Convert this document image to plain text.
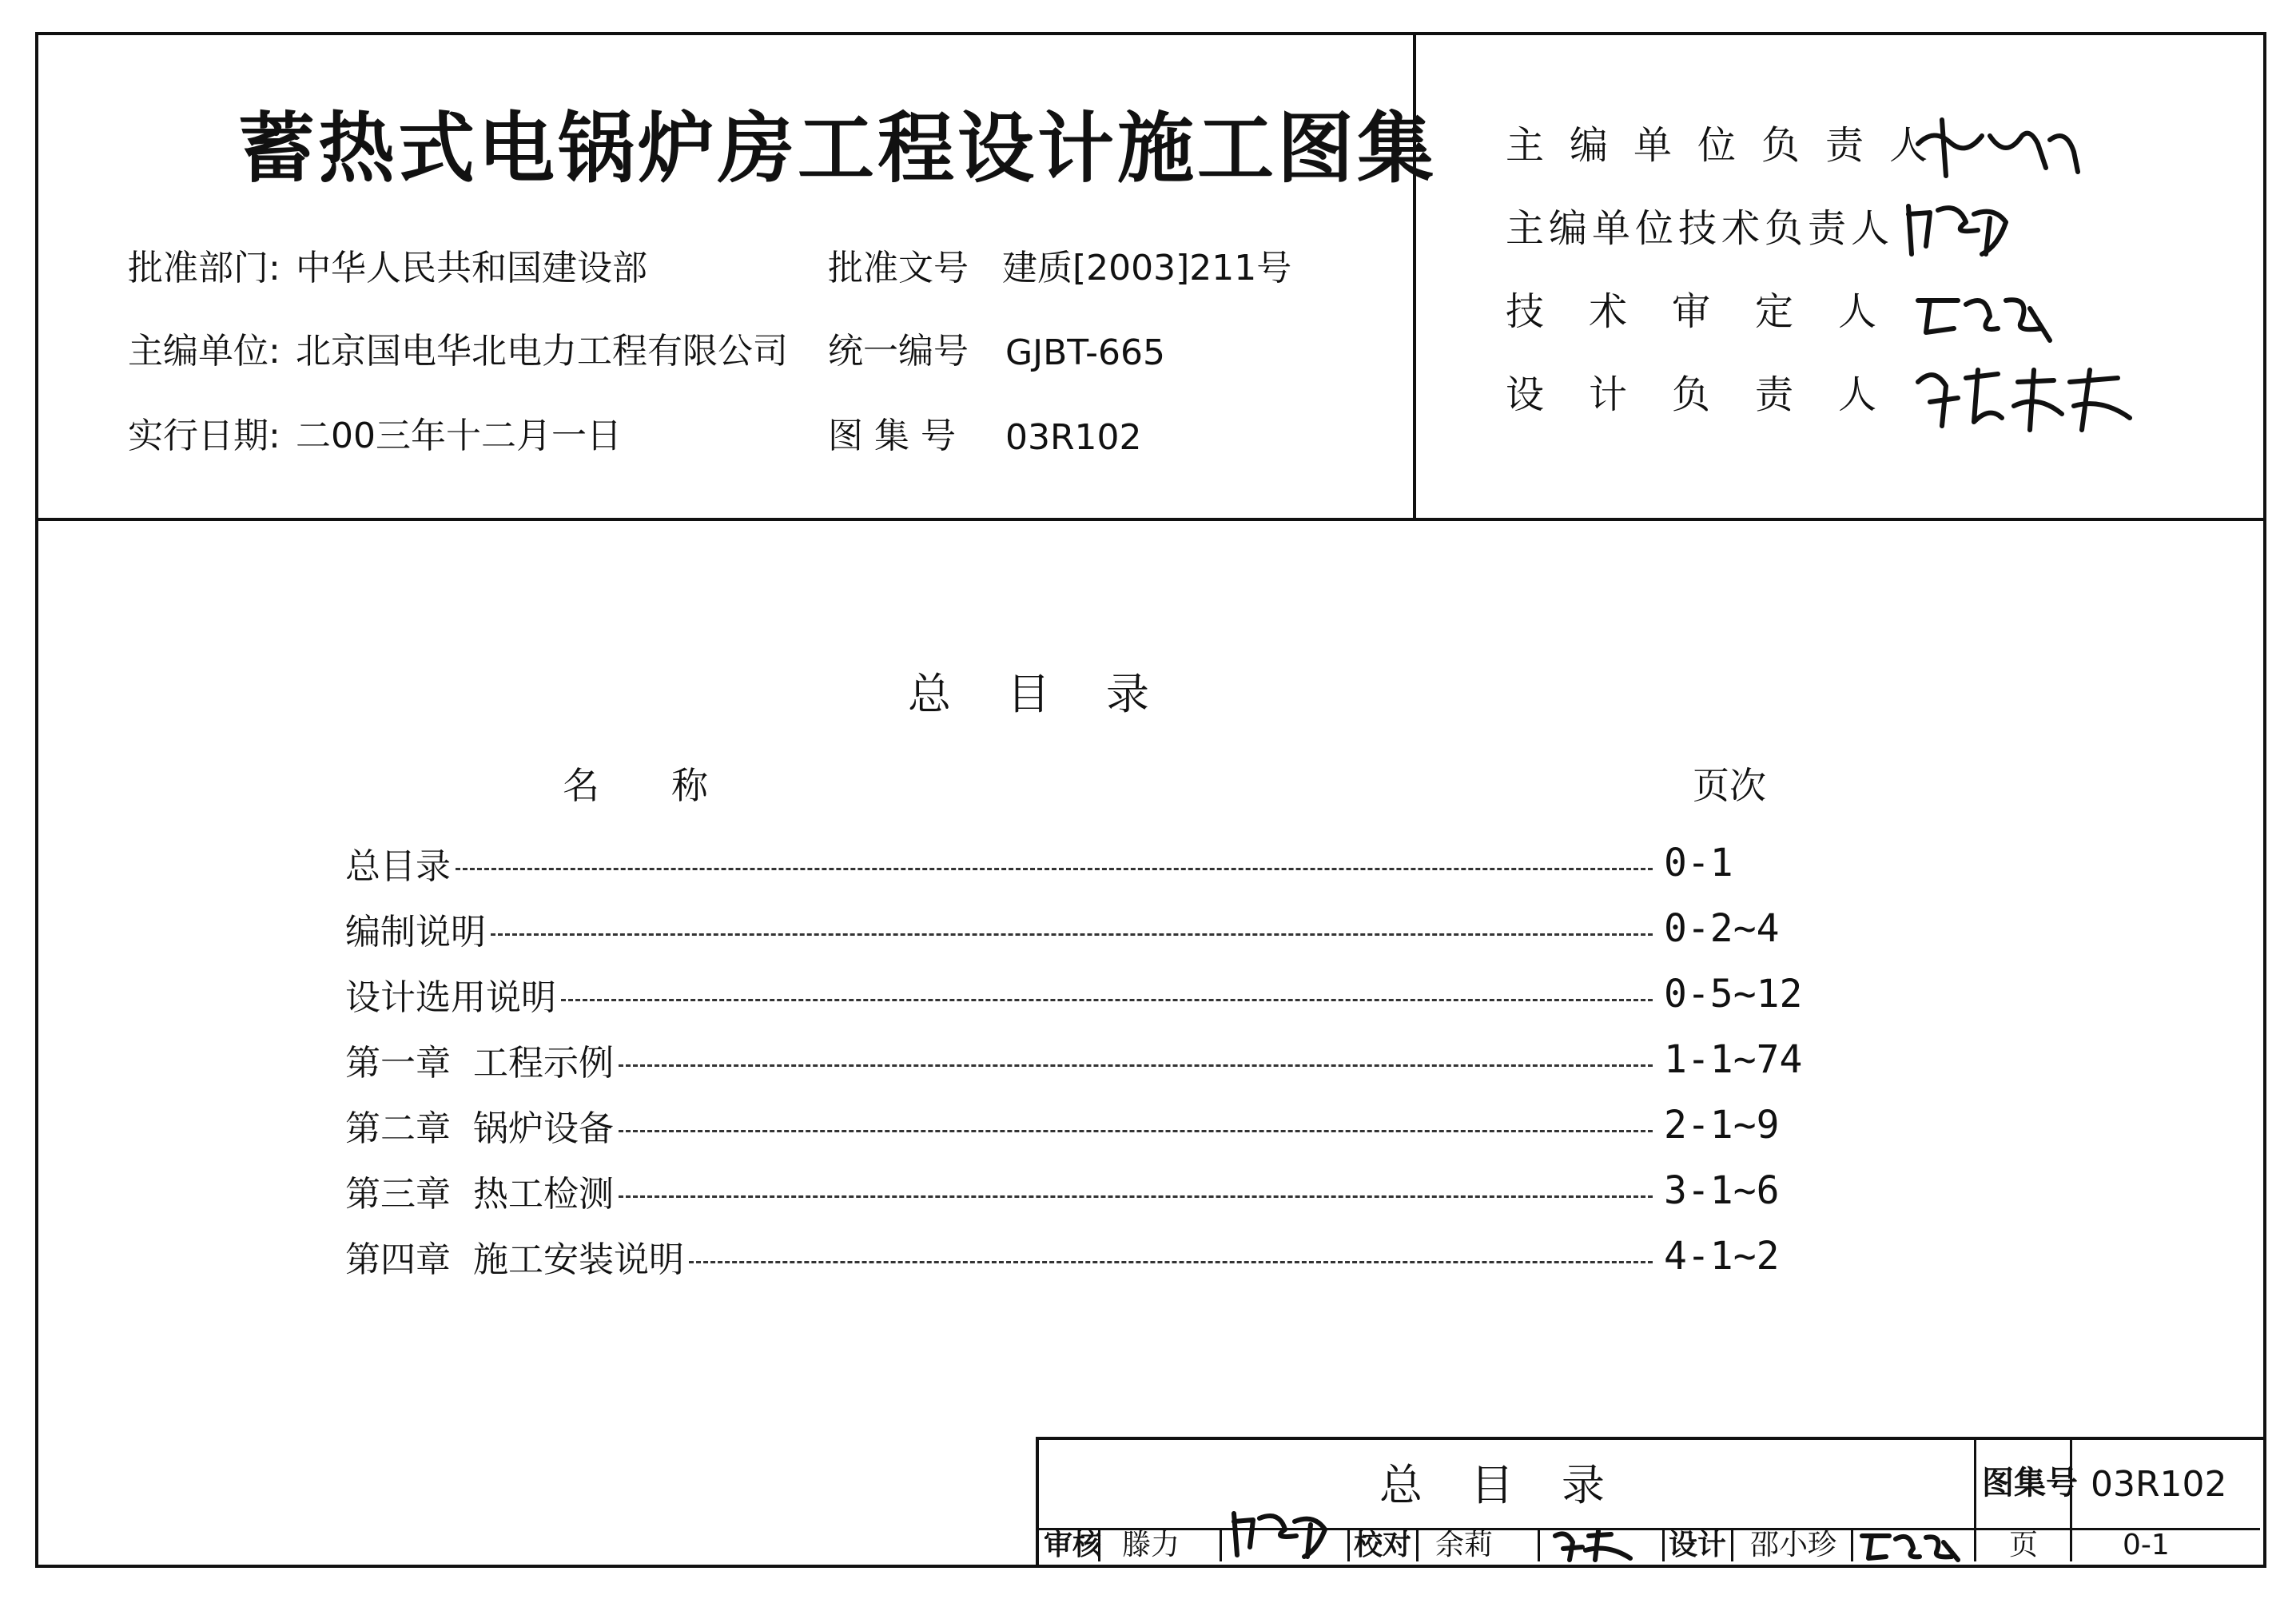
蓄热式电锅炉房工程设计施工图集
批准部门: 中华人民共和国建设部	批准文号 建质[2003]211号
主编单位: 北京国电华北电力工程有限公司 统一编号 GJBT-665
实行日期: 二00三年十二月一日	图 集 号 03R102
主编单位负责人
主编单位技术负责人
技术审定人
设计负责人
总目录
名称	页次
总目录	0-1
编制说明	0-2~4
设计选用说明	0-5~12
第一章  工程示例	1-1~74
第二章  锅炉设备	2-1~9
第三章  热工检测	3-1~6
第四章  施工安装说明	4-1~2
总目录	图集号 03R102
审核 滕力	校对 余莉	设计 邵小珍	页	0-1
